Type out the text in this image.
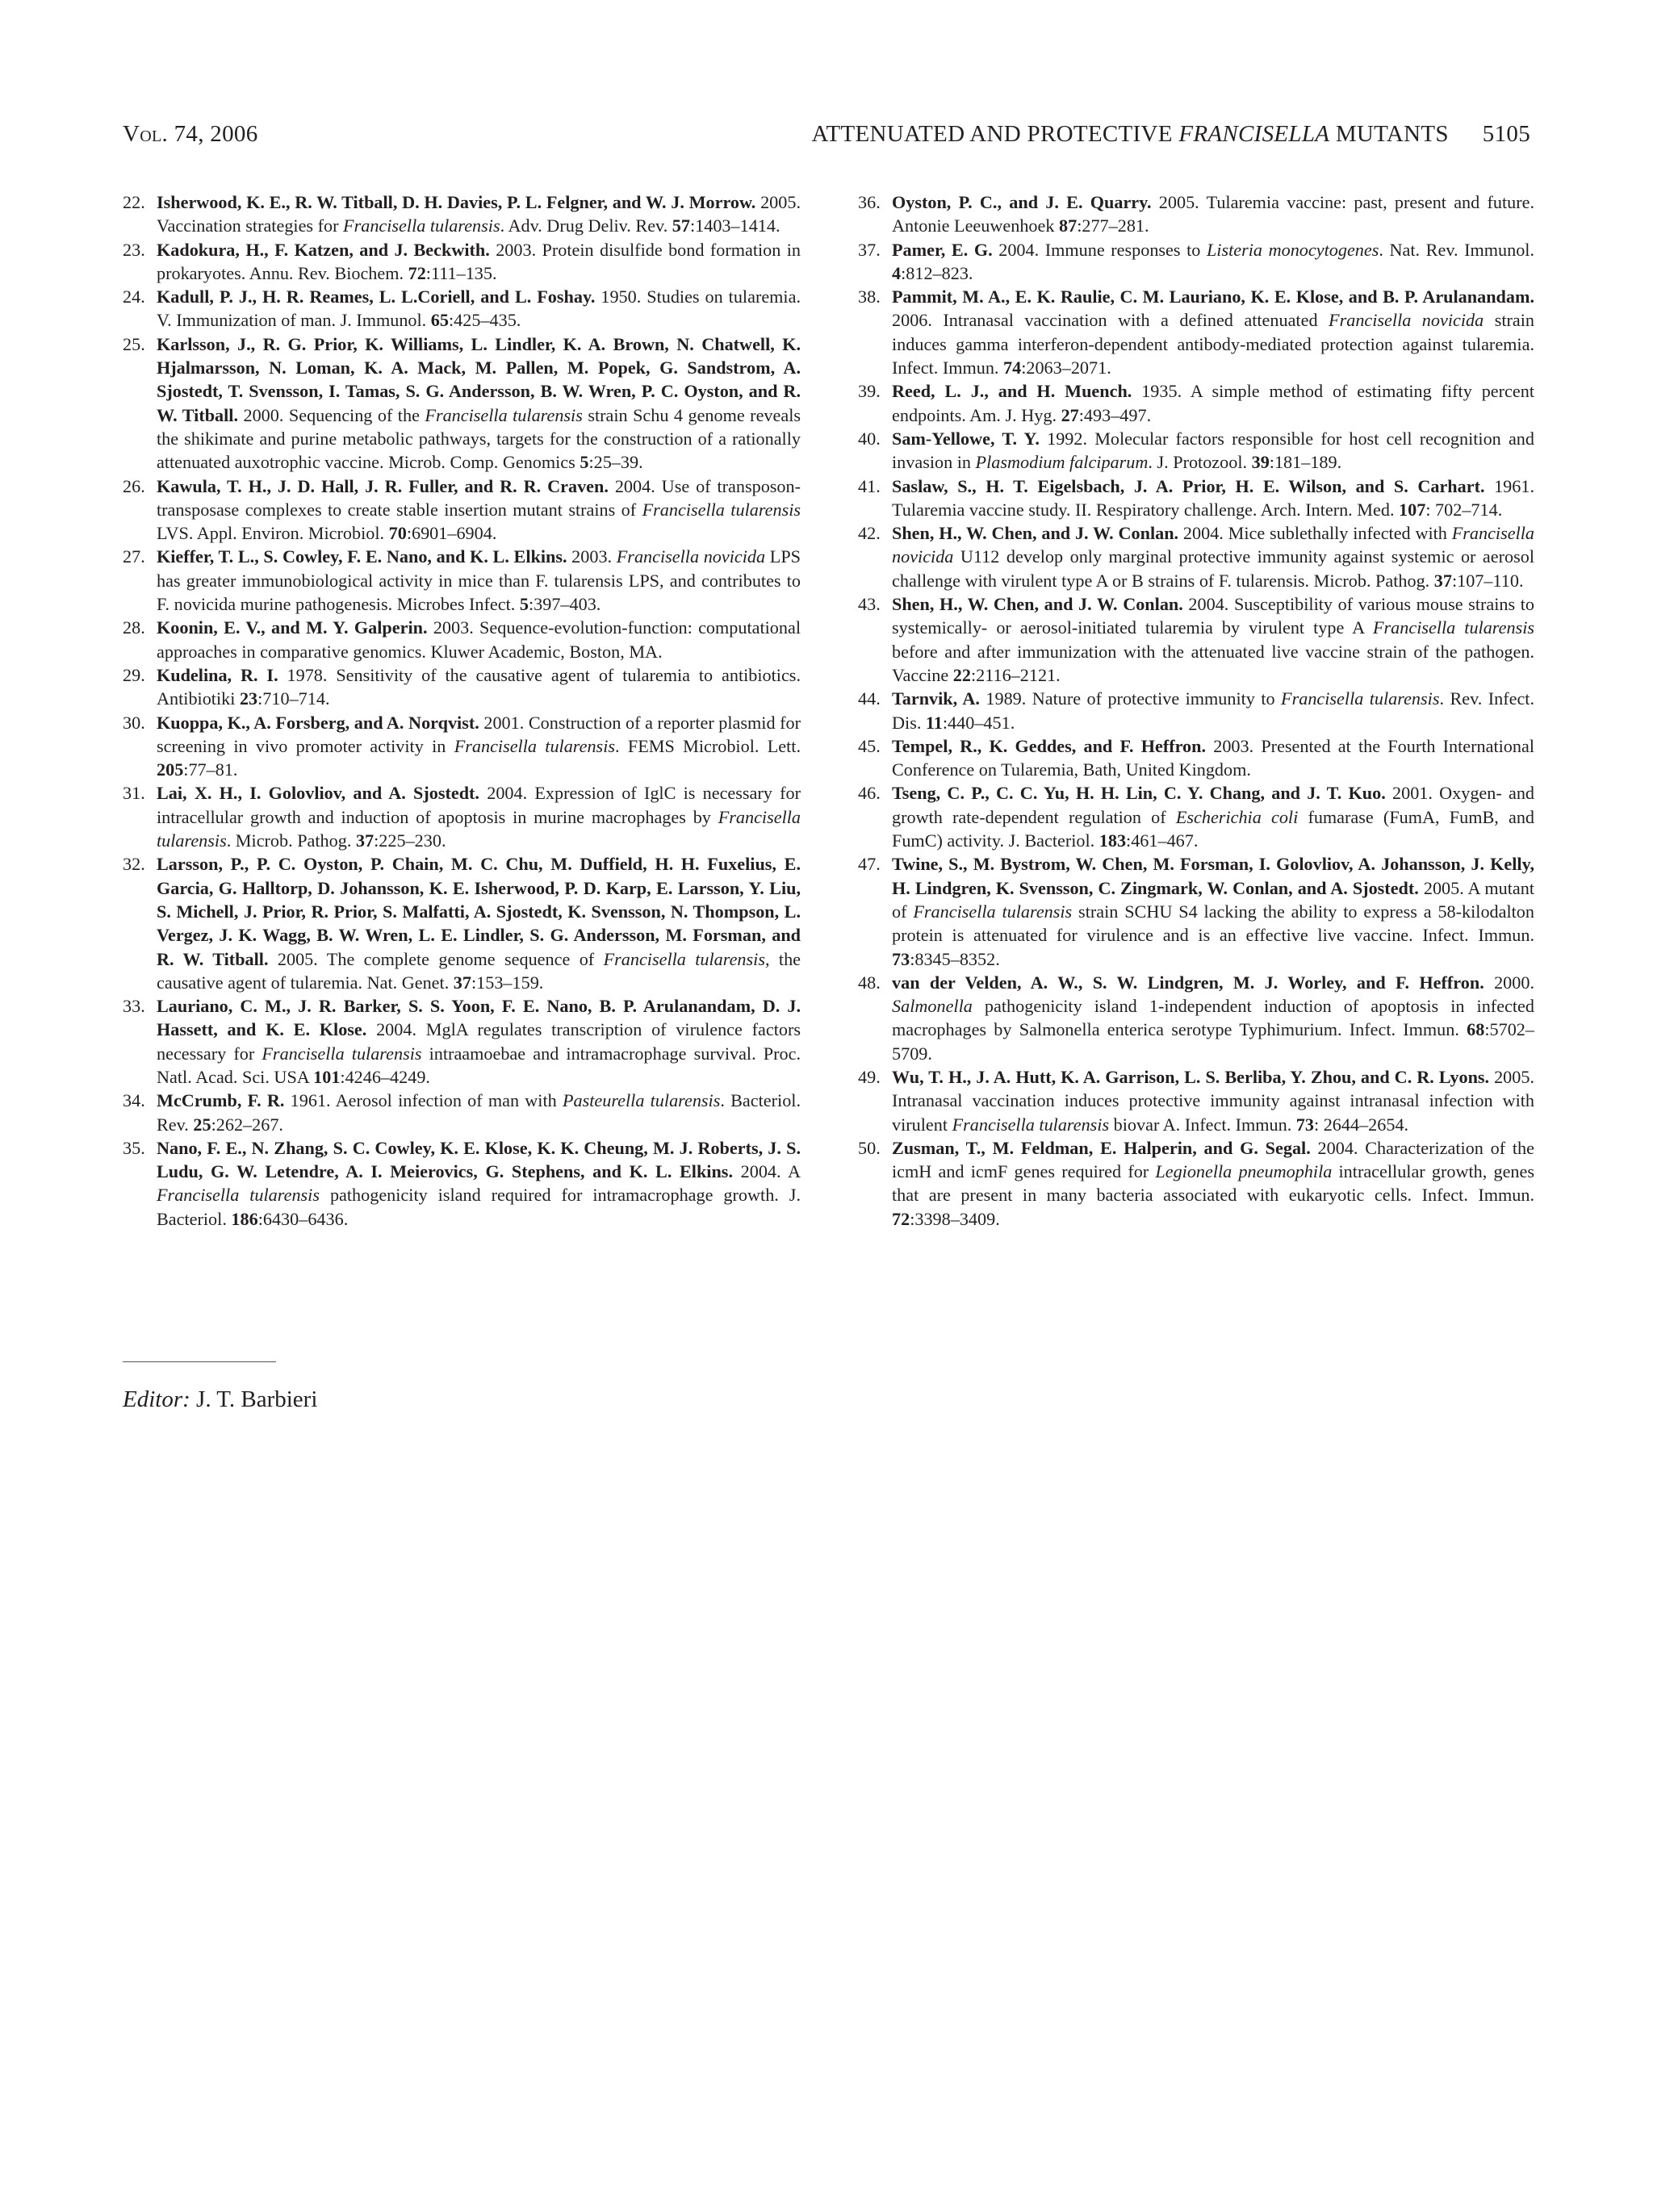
Vol. 74, 2006	ATTENUATED AND PROTECTIVE FRANCISELLA MUTANTS 5105

22. Isherwood, K. E., R. W. Titball, D. H. Davies, P. L. Felgner, and W. J. Morrow. 2005. Vaccination strategies for Francisella tularensis. Adv. Drug Deliv. Rev. 57:1403–1414.

23. Kadokura, H., F. Katzen, and J. Beckwith. 2003. Protein disulfide bond formation in prokaryotes. Annu. Rev. Biochem. 72:111–135.

24. Kadull, P. J., H. R. Reames, L. L.Coriell, and L. Foshay. 1950. Studies on tularemia. V. Immunization of man. J. Immunol. 65:425–435.

25. Karlsson, J., R. G. Prior, K. Williams, L. Lindler, K. A. Brown, N. Chatwell, K. Hjalmarsson, N. Loman, K. A. Mack, M. Pallen, M. Popek, G. Sandstrom, A. Sjostedt, T. Svensson, I. Tamas, S. G. Andersson, B. W. Wren, P. C. Oyston, and R. W. Titball. 2000. Sequencing of the Francisella tularensis strain Schu 4 genome reveals the shikimate and purine metabolic pathways, targets for the construction of a rationally attenuated auxotrophic vaccine. Microb. Comp. Genomics 5:25–39.

26. Kawula, T. H., J. D. Hall, J. R. Fuller, and R. R. Craven. 2004. Use of transposon-transposase complexes to create stable insertion mutant strains of Francisella tularensis LVS. Appl. Environ. Microbiol. 70:6901–6904.

27. Kieffer, T. L., S. Cowley, F. E. Nano, and K. L. Elkins. 2003. Francisella novicida LPS has greater immunobiological activity in mice than F. tularensis LPS, and contributes to F. novicida murine pathogenesis. Microbes Infect. 5:397–403.

28. Koonin, E. V., and M. Y. Galperin. 2003. Sequence-evolution-function: computational approaches in comparative genomics. Kluwer Academic, Boston, MA.

29. Kudelina, R. I. 1978. Sensitivity of the causative agent of tularemia to antibiotics. Antibiotiki 23:710–714.

30. Kuoppa, K., A. Forsberg, and A. Norqvist. 2001. Construction of a reporter plasmid for screening in vivo promoter activity in Francisella tularensis. FEMS Microbiol. Lett. 205:77–81.

31. Lai, X. H., I. Golovliov, and A. Sjostedt. 2004. Expression of IglC is necessary for intracellular growth and induction of apoptosis in murine macrophages by Francisella tularensis. Microb. Pathog. 37:225–230.

32. Larsson, P., P. C. Oyston, P. Chain, M. C. Chu, M. Duffield, H. H. Fuxelius, E. Garcia, G. Halltorp, D. Johansson, K. E. Isherwood, P. D. Karp, E. Larsson, Y. Liu, S. Michell, J. Prior, R. Prior, S. Malfatti, A. Sjostedt, K. Svensson, N. Thompson, L. Vergez, J. K. Wagg, B. W. Wren, L. E. Lindler, S. G. Andersson, M. Forsman, and R. W. Titball. 2005. The complete genome sequence of Francisella tularensis, the causative agent of tularemia. Nat. Genet. 37:153–159.

33. Lauriano, C. M., J. R. Barker, S. S. Yoon, F. E. Nano, B. P. Arulanandam, D. J. Hassett, and K. E. Klose. 2004. MglA regulates transcription of virulence factors necessary for Francisella tularensis intraamoebae and intramacrophage survival. Proc. Natl. Acad. Sci. USA 101:4246–4249.

34. McCrumb, F. R. 1961. Aerosol infection of man with Pasteurella tularensis. Bacteriol. Rev. 25:262–267.

35. Nano, F. E., N. Zhang, S. C. Cowley, K. E. Klose, K. K. Cheung, M. J. Roberts, J. S. Ludu, G. W. Letendre, A. I. Meierovics, G. Stephens, and K. L. Elkins. 2004. A Francisella tularensis pathogenicity island required for intramacrophage growth. J. Bacteriol. 186:6430–6436.

36. Oyston, P. C., and J. E. Quarry. 2005. Tularemia vaccine: past, present and future. Antonie Leeuwenhoek 87:277–281.

37. Pamer, E. G. 2004. Immune responses to Listeria monocytogenes. Nat. Rev. Immunol. 4:812–823.

38. Pammit, M. A., E. K. Raulie, C. M. Lauriano, K. E. Klose, and B. P. Arulanandam. 2006. Intranasal vaccination with a defined attenuated Francisella novicida strain induces gamma interferon-dependent antibody-mediated protection against tularemia. Infect. Immun. 74:2063–2071.

39. Reed, L. J., and H. Muench. 1935. A simple method of estimating fifty percent endpoints. Am. J. Hyg. 27:493–497.

40. Sam-Yellowe, T. Y. 1992. Molecular factors responsible for host cell recognition and invasion in Plasmodium falciparum. J. Protozool. 39:181–189.

41. Saslaw, S., H. T. Eigelsbach, J. A. Prior, H. E. Wilson, and S. Carhart. 1961. Tularemia vaccine study. II. Respiratory challenge. Arch. Intern. Med. 107: 702–714.

42. Shen, H., W. Chen, and J. W. Conlan. 2004. Mice sublethally infected with Francisella novicida U112 develop only marginal protective immunity against systemic or aerosol challenge with virulent type A or B strains of F. tularensis. Microb. Pathog. 37:107–110.

43. Shen, H., W. Chen, and J. W. Conlan. 2004. Susceptibility of various mouse strains to systemically- or aerosol-initiated tularemia by virulent type A Francisella tularensis before and after immunization with the attenuated live vaccine strain of the pathogen. Vaccine 22:2116–2121.

44. Tarnvik, A. 1989. Nature of protective immunity to Francisella tularensis. Rev. Infect. Dis. 11:440–451.

45. Tempel, R., K. Geddes, and F. Heffron. 2003. Presented at the Fourth International Conference on Tularemia, Bath, United Kingdom.

46. Tseng, C. P., C. C. Yu, H. H. Lin, C. Y. Chang, and J. T. Kuo. 2001. Oxygen- and growth rate-dependent regulation of Escherichia coli fumarase (FumA, FumB, and FumC) activity. J. Bacteriol. 183:461–467.

47. Twine, S., M. Bystrom, W. Chen, M. Forsman, I. Golovliov, A. Johansson, J. Kelly, H. Lindgren, K. Svensson, C. Zingmark, W. Conlan, and A. Sjostedt. 2005. A mutant of Francisella tularensis strain SCHU S4 lacking the ability to express a 58-kilodalton protein is attenuated for virulence and is an effective live vaccine. Infect. Immun. 73:8345–8352.

48. van der Velden, A. W., S. W. Lindgren, M. J. Worley, and F. Heffron. 2000. Salmonella pathogenicity island 1-independent induction of apoptosis in infected macrophages by Salmonella enterica serotype Typhimurium. Infect. Immun. 68:5702–5709.

49. Wu, T. H., J. A. Hutt, K. A. Garrison, L. S. Berliba, Y. Zhou, and C. R. Lyons. 2005. Intranasal vaccination induces protective immunity against intranasal infection with virulent Francisella tularensis biovar A. Infect. Immun. 73: 2644–2654.

50. Zusman, T., M. Feldman, E. Halperin, and G. Segal. 2004. Characterization of the icmH and icmF genes required for Legionella pneumophila intracellular growth, genes that are present in many bacteria associated with eukaryotic cells. Infect. Immun. 72:3398–3409.

Editor: J. T. Barbieri
